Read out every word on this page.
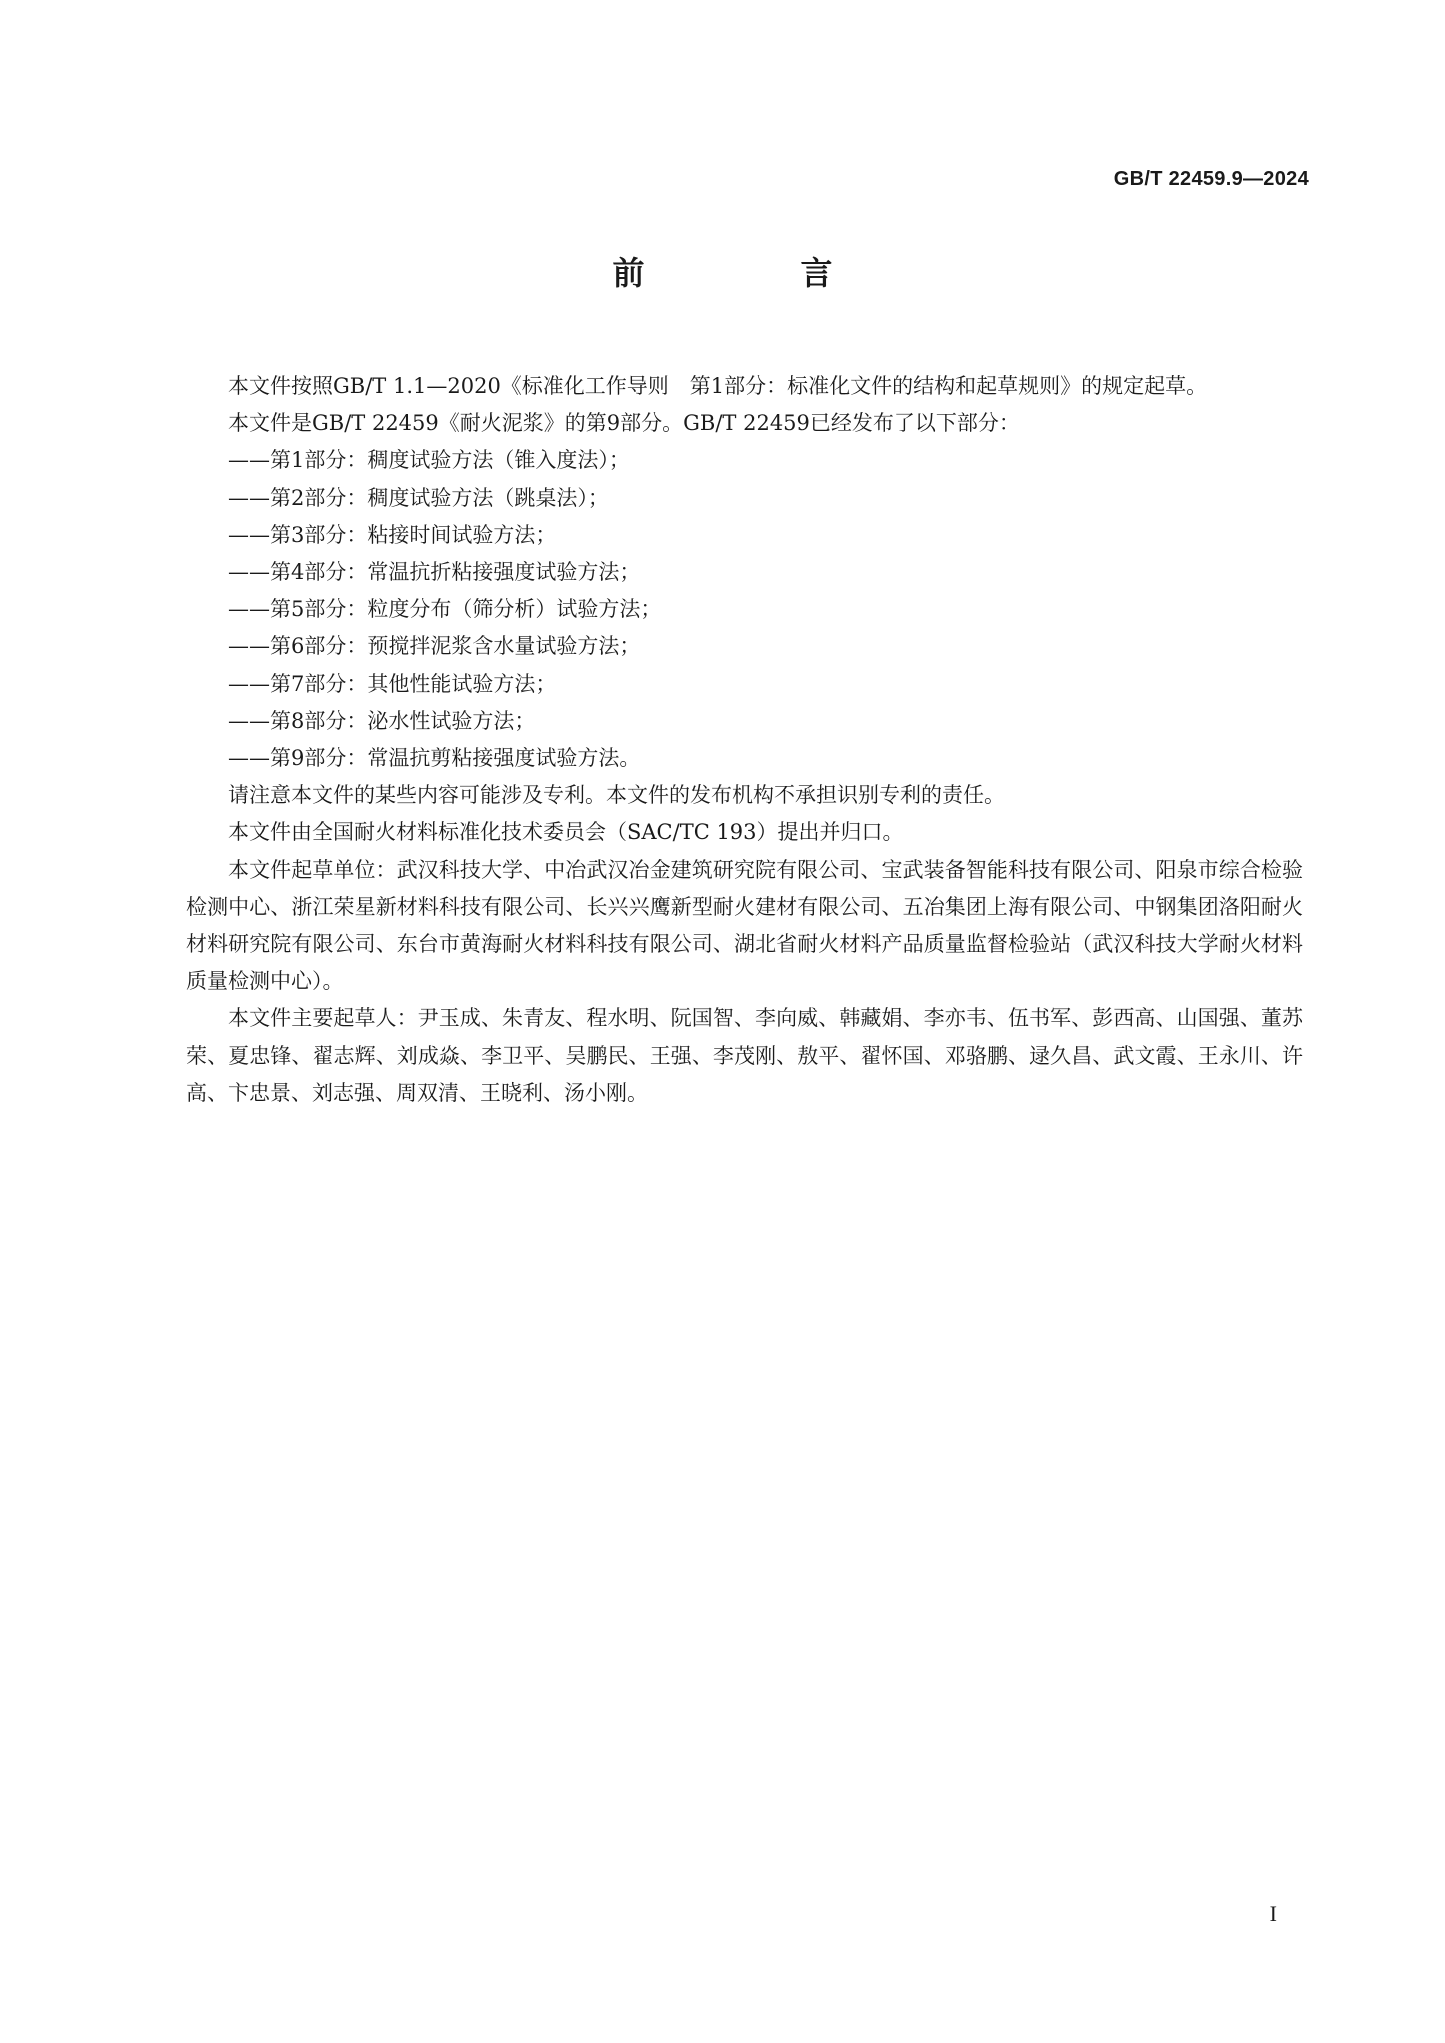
GB/T 22459.9—2024
前　言

本文件按照GB/T 1.1—2020《标准化工作导则　第1部分：标准化文件的结构和起草规则》的规定起草。

本文件是GB/T 22459《耐火泥浆》的第9部分。GB/T 22459已经发布了以下部分：

——第1部分：稠度试验方法（锥入度法）；
——第2部分：稠度试验方法（跳桌法）；
——第3部分：粘接时间试验方法；
——第4部分：常温抗折粘接强度试验方法；
——第5部分：粒度分布（筛分析）试验方法；
——第6部分：预搅拌泥浆含水量试验方法；
——第7部分：其他性能试验方法；
——第8部分：泌水性试验方法；
——第9部分：常温抗剪粘接强度试验方法。

请注意本文件的某些内容可能涉及专利。本文件的发布机构不承担识别专利的责任。

本文件由全国耐火材料标准化技术委员会（SAC/TC 193）提出并归口。

本文件起草单位：武汉科技大学、中冶武汉冶金建筑研究院有限公司、宝武装备智能科技有限公司、阳泉市综合检验检测中心、浙江荣星新材料科技有限公司、长兴兴鹰新型耐火建材有限公司、五冶集团上海有限公司、中钢集团洛阳耐火材料研究院有限公司、东台市黄海耐火材料科技有限公司、湖北省耐火材料产品质量监督检验站（武汉科技大学耐火材料质量检测中心）。

本文件主要起草人：尹玉成、朱青友、程水明、阮国智、李向威、韩藏娟、李亦韦、伍书军、彭西高、山国强、董苏荣、夏忠锋、翟志辉、刘成焱、李卫平、吴鹏民、王强、李茂刚、敖平、翟怀国、邓骆鹏、逯久昌、武文霞、王永川、许高、卞忠景、刘志强、周双清、王晓利、汤小刚。

I
